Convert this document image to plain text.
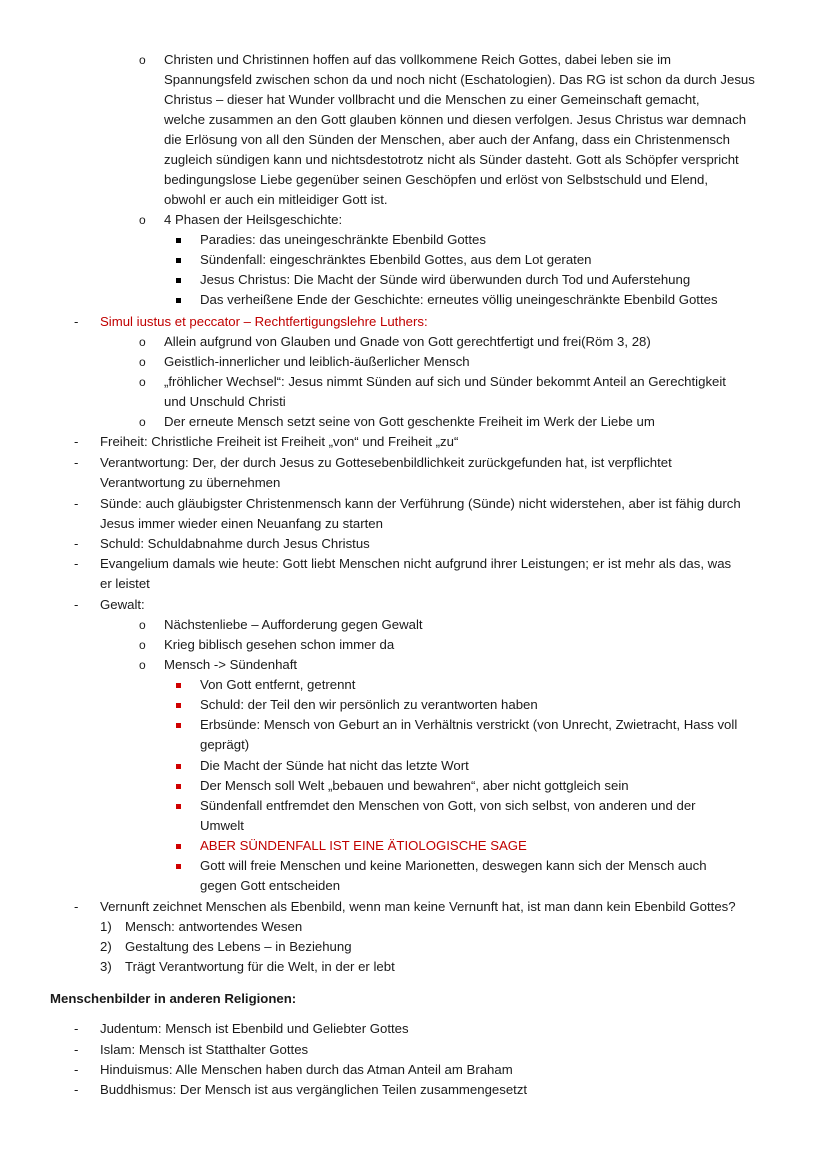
o Christen und Christinnen hoffen auf das vollkommene Reich Gottes, dabei leben sie im
Spannungsfeld zwischen schon da und noch nicht (Eschatologien). Das RG ist schon da durch Jesus
Christus – dieser hat Wunder vollbracht und die Menschen zu einer Gemeinschaft gemacht,
welche zusammen an den Gott glauben können und diesen verfolgen. Jesus Christus war demnach
die Erlösung von all den Sünden der Menschen, aber auch der Anfang, dass ein Christenmensch
zugleich sündigen kann und nichtsdestotrotz nicht als Sünder dasteht. Gott als Schöpfer verspricht
bedingungslose Liebe gegenüber seinen Geschöpfen und erlöst von Selbstschuld und Elend,
obwohl er auch ein mitleidiger Gott ist.
o 4 Phasen der Heilsgeschichte:
Paradies: das uneingeschränkte Ebenbild Gottes
Sündenfall: eingeschränktes Ebenbild Gottes, aus dem Lot geraten
Jesus Christus: Die Macht der Sünde wird überwunden durch Tod und Auferstehung
Das verheißene Ende der Geschichte: erneutes völlig uneingeschränkte Ebenbild Gottes
- Simul iustus et peccator – Rechtfertigungslehre Luthers:
o Allein aufgrund von Glauben und Gnade von Gott gerechtfertigt und frei(Röm 3, 28)
o Geistlich-innerlicher und leiblich-äußerlicher Mensch
o „fröhlicher Wechsel“: Jesus nimmt Sünden auf sich und Sünder bekommt Anteil an Gerechtigkeit
und Unschuld Christi
o Der erneute Mensch setzt seine von Gott geschenkte Freiheit im Werk der Liebe um
- Freiheit: Christliche Freiheit ist Freiheit „von“ und Freiheit „zu“
- Verantwortung: Der, der durch Jesus zu Gottesebenbildlichkeit zurückgefunden hat, ist verpflichtet
Verantwortung zu übernehmen
- Sünde: auch gläubigster Christenmensch kann der Verführung (Sünde) nicht widerstehen, aber ist fähig durch
Jesus immer wieder einen Neuanfang zu starten
- Schuld: Schuldabnahme durch Jesus Christus
- Evangelium damals wie heute: Gott liebt Menschen nicht aufgrund ihrer Leistungen; er ist mehr als das, was
er leistet
- Gewalt:
o Nächstenliebe – Aufforderung gegen Gewalt
o Krieg biblisch gesehen schon immer da
o Mensch -> Sündenhaft
Von Gott entfernt, getrennt
Schuld: der Teil den wir persönlich zu verantworten haben
Erbsünde: Mensch von Geburt an in Verhältnis verstrickt (von Unrecht, Zwietracht, Hass voll
geprägt)
Die Macht der Sünde hat nicht das letzte Wort
Der Mensch soll Welt „bebauen und bewahren“, aber nicht gottgleich sein
Sündenfall entfremdet den Menschen von Gott, von sich selbst, von anderen und der
Umwelt
ABER SÜNDENFALL IST EINE ÄTIOLOGISCHE SAGE
Gott will freie Menschen und keine Marionetten, deswegen kann sich der Mensch auch
gegen Gott entscheiden
- Vernunft zeichnet Menschen als Ebenbild, wenn man keine Vernunft hat, ist man dann kein Ebenbild Gottes?
1) Mensch: antwortendes Wesen
2) Gestaltung des Lebens – in Beziehung
3) Trägt Verantwortung für die Welt, in der er lebt
Menschenbilder in anderen Religionen:
- Judentum: Mensch ist Ebenbild und Geliebter Gottes
- Islam: Mensch ist Statthalter Gottes
- Hinduismus: Alle Menschen haben durch das Atman Anteil am Braham
- Buddhismus: Der Mensch ist aus vergänglichen Teilen zusammengesetzt
